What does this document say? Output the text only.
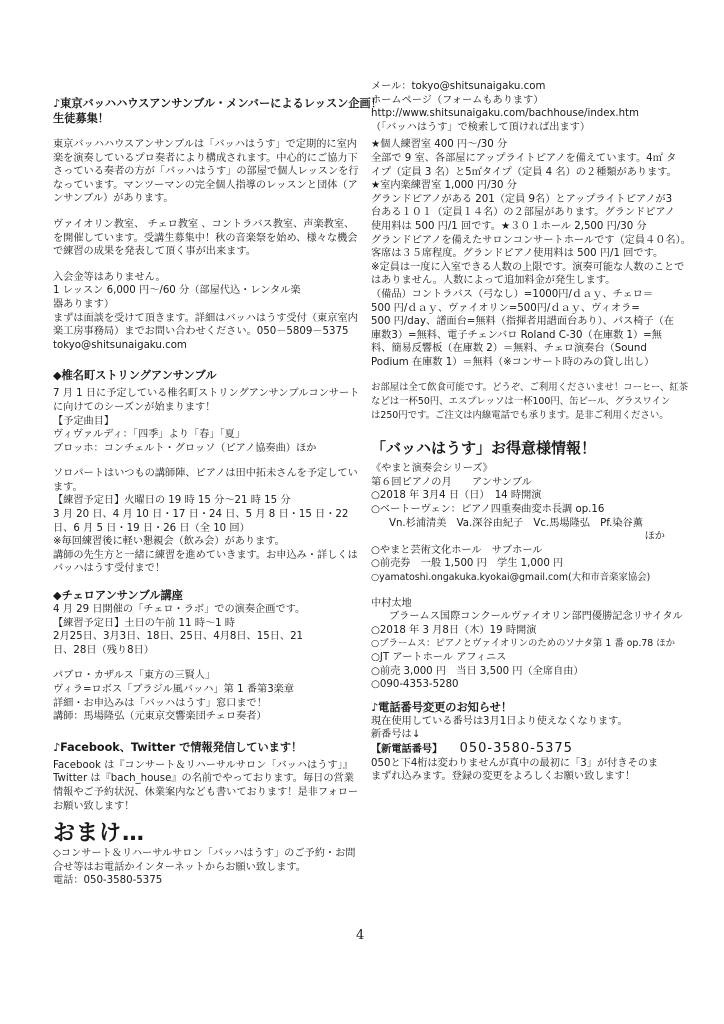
♪東京バッハハウスアンサンブル・メンバーによるレッスン企画！

生徒募集！

東京バッハハウスアンサンブルは「バッハはうす」で定期的に室内

楽を演奏しているプロ奏者により構成されます。中心的にご協力下

さっている奏者の方が「バッハはうす」の部屋で個人レッスンを行

なっています。マンツーマンの完全個人指導のレッスンと団体（ア

ンサンブル）があります。

ヴァイオリン教室、 チェロ教室 、コントラバス教室、声楽教室、

を開催しています。受講生募集中！秋の音楽祭を始め、様々な機会

で練習の成果を発表して頂く事が出来ます。

入会金等はありません。

1 レッスン 6,000 円～/60 分（部屋代込・レンタル楽

器あります）

まずは面談を受けて頂きます。詳細はバッハはうす受付（東京室内

楽工房事務局）までお問い合わせください。050－5809－5375

tokyo@shitsunaigaku.com

◆椎名町ストリングアンサンブル

7 月 1 日に予定している椎名町ストリングアンサンブルコンサート

に向けてのシーズンが始まります！

【予定曲目】

ヴィヴァルディ：「四季」より「春」「夏」

ブロッホ：コンチェルト・グロッソ（ピアノ協奏曲）ほか

ソロパートはいつもの講師陣、ピアノは田中拓未さんを予定してい

ます。

【練習予定日】火曜日の 19 時 15 分～21 時 15 分

3 月 20 日、4 月 10 日・17 日・24 日、5 月 8 日・15 日・22

日、6 月 5 日・19 日・26 日（全 10 回）

※毎回練習後に軽い懇親会（飲み会）があります。

講師の先生方と一緒に練習を進めていきます。お申込み・詳しくは

バッハはうす受付まで！

◆チェロアンサンブル講座

4 月 29 日開催の「チェロ・ラボ」での演奏企画です。

【練習予定日】土日の午前 11 時～1 時

2月25日、3月3日、18日、25日、4月8日、15日、21

日、28日（残り8日）

パブロ・カザルス「東方の三賢人」

ヴィラ=ロボス「ブラジル風バッハ」第 1 番第3楽章

詳細・お申込みは「バッハはうす」窓口まで！

講師：馬場隆弘（元東京交響楽団チェロ奏者）

♪Facebook、Twitter で情報発信しています！

Facebook は『コンサート＆リハーサルサロン「バッハはうす」』

Twitter は『bach_house』の名前でやっております。毎日の営業

情報やご予約状況、休業案内なども書いております！是非フォロー

お願い致します！

おまけ…

◇コンサート＆リハーサルサロン「バッハはうす」のご予約・お問

合せ等はお電話かインターネットからお願い致します。

電話：050-3580-5375

メール：tokyo@shitsunaigaku.com

ホームページ（フォームもあります）

http://www.shitsunaigaku.com/bachhouse/index.htm

（「バッハはうす」で検索して頂ければ出ます）

★個人練習室 400 円～/30 分

全部で 9 室、各部屋にアップライトピアノを備えています。4㎡ タ

イプ（定員 3 名）と5㎡タイプ（定員 4 名）の２種類があります。

★室内楽練習室 1,000 円/30 分

グランドピアノがある 201（定員 9名）とアップライトピアノが3

台ある１０１（定員１４名）の２部屋があります。グランドピアノ

使用料は 500 円/1 回です。★３０１ホール 2,500 円/30 分

グランドピアノを備えたサロンコンサートホールです（定員４０名）。

客席は３５席程度。グランドピアノ使用料は 500 円/1 回です。

※定員は一度に入室できる人数の上限です。演奏可能な人数のことで

はありません。人数によって追加料金が発生します。

（備品）コントラバス（弓なし）=1000円/ｄａｙ、チェロ＝

500 円/ｄａｙ、ヴァイオリン=500円/ｄａｙ、ヴィオラ=

500 円/day、譜面台=無料（指揮者用譜面台あり）、パス椅子（在

庫数3）=無料、電子チェンバロ Roland C-30（在庫数 1）=無

料、簡易反響板（在庫数 2）＝無料、チェロ演奏台（Sound

Podium 在庫数 1）＝無料（※コンサート時のみの貸し出し）

お部屋は全て飲食可能です。どうぞ、ご利用くださいませ！コーヒー、紅茶

などは一杯50円、エスプレッソは一杯100円、缶ビール、グラスワイン

は250円です。ご注文は内線電話でも承ります。是非ご利用ください。

「バッハはうす」お得意様情報！

《やまと演奏会シリーズ》

第６回ピアノの月　　アンサンブル

○2018 年 3月4 日（日）　14 時開演

○ベートーヴェン：ピアノ四重奏曲変ホ長調 op.16

Vn.杉浦清美　Va.深谷由紀子　Vc.馬場隆弘　Pf.染谷薫

ほか

○やまと芸術文化ホール　サブホール

○前売券　一般 1,500 円　学生 1,000 円

○yamatoshi.ongakuka.kyokai@gmail.com(大和市音楽家協会)

中村太地

ブラームス国際コンクールヴァイオリン部門優勝記念リサイタル

○2018 年 3 月8日（木）19 時開演

○ブラームス：ピアノとヴァイオリンのためのソナタ第 1 番 op.78 ほか

○JT アートホール アフィニス

○前売 3,000 円　当日 3,500 円（全席自由）

○090-4353-5280

♪電話番号変更のお知らせ！

現在使用している番号は3月1日より使えなくなります。

新番号は↓

【新電話番号】 050-3580-5375

050と下4桁は変わりませんが真中の最初に「3」が付きそのま

まずれ込みます。登録の変更をよろしくお願い致します！

4
